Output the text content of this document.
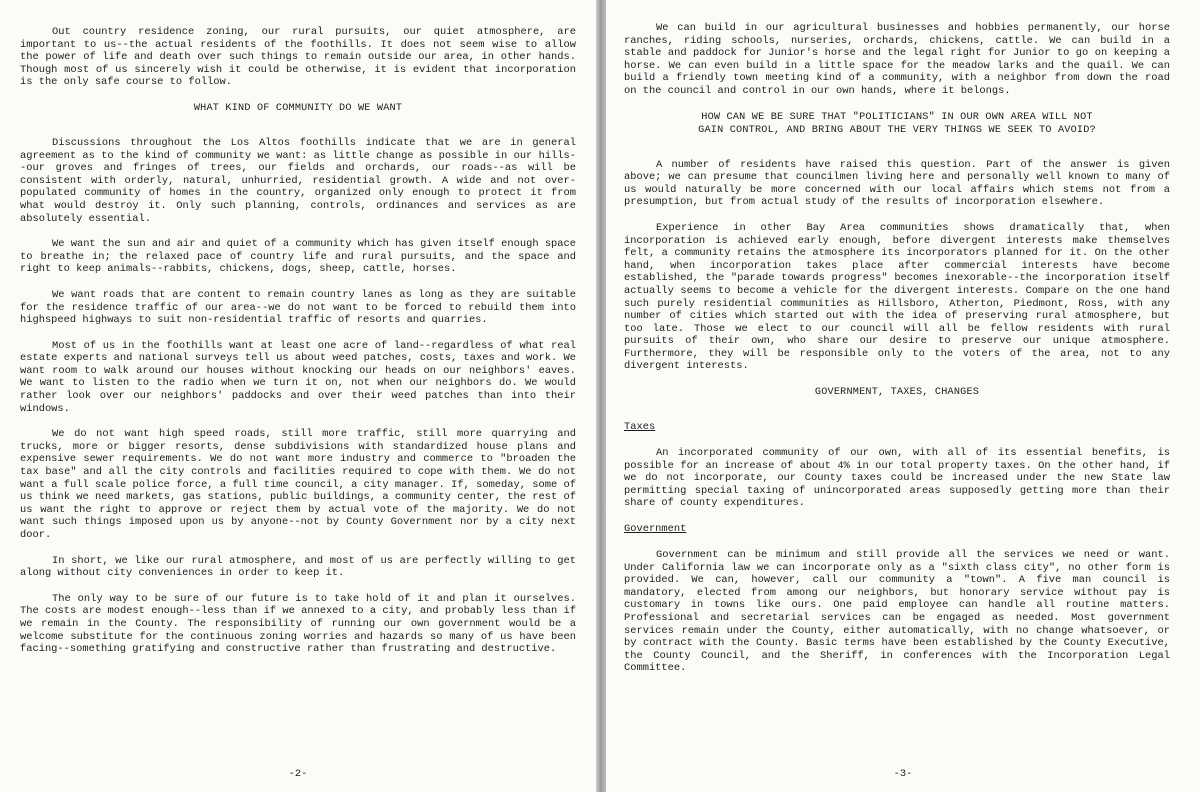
Out country residence zoning, our rural pursuits, our quiet atmosphere, are important to us--the actual residents of the foothills. It does not seem wise to allow the power of life and death over such things to remain outside our area, in other hands. Though most of us sincerely wish it could be otherwise, it is evident that incorporation is the only safe course to follow.

WHAT KIND OF COMMUNITY DO WE WANT

Discussions throughout the Los Altos foothills indicate that we are in general agreement as to the kind of community we want: as little change as possible in our hills--our groves and fringes of trees, our fields and orchards, our roads--as will be consistent with orderly, natural, unhurried, residential growth. A wide and not over-populated community of homes in the country, organized only enough to protect it from what would destroy it. Only such planning, controls, ordinances and services as are absolutely essential.

We want the sun and air and quiet of a community which has given itself enough space to breathe in; the relaxed pace of country life and rural pursuits, and the space and right to keep animals--rabbits, chickens, dogs, sheep, cattle, horses.

We want roads that are content to remain country lanes as long as they are suitable for the residence traffic of our area--we do not want to be forced to rebuild them into highspeed highways to suit non-residential traffic of resorts and quarries.

Most of us in the foothills want at least one acre of land--regardless of what real estate experts and national surveys tell us about weed patches, costs, taxes and work. We want room to walk around our houses without knocking our heads on our neighbors' eaves. We want to listen to the radio when we turn it on, not when our neighbors do. We would rather look over our neighbors' paddocks and over their weed patches than into their windows.

We do not want high speed roads, still more traffic, still more quarrying and trucks, more or bigger resorts, dense subdivisions with standardized house plans and expensive sewer requirements. We do not want more industry and commerce to "broaden the tax base" and all the city controls and facilities required to cope with them. We do not want a full scale police force, a full time council, a city manager. If, someday, some of us think we need markets, gas stations, public buildings, a community center, the rest of us want the right to approve or reject them by actual vote of the majority. We do not want such things imposed upon us by anyone--not by County Government nor by a city next door.

In short, we like our rural atmosphere, and most of us are perfectly willing to get along without city conveniences in order to keep it.

The only way to be sure of our future is to take hold of it and plan it ourselves. The costs are modest enough--less than if we annexed to a city, and probably less than if we remain in the County. The responsibility of running our own government would be a welcome substitute for the continuous zoning worries and hazards so many of us have been facing--something gratifying and constructive rather than frustrating and destructive.

-2-

We can build in our agricultural businesses and hobbies permanently, our horse ranches, riding schools, nurseries, orchards, chickens, cattle. We can build in a stable and paddock for Junior's horse and the legal right for Junior to go on keeping a horse. We can even build in a little space for the meadow larks and the quail. We can build a friendly town meeting kind of a community, with a neighbor from down the road on the council and control in our own hands, where it belongs.

HOW CAN WE BE SURE THAT "POLITICIANS" IN OUR OWN AREA WILL NOT
GAIN CONTROL, AND BRING ABOUT THE VERY THINGS WE SEEK TO AVOID?

A number of residents have raised this question. Part of the answer is given above; we can presume that councilmen living here and personally well known to many of us would naturally be more concerned with our local affairs which stems not from a presumption, but from actual study of the results of incorporation elsewhere.

Experience in other Bay Area communities shows dramatically that, when incorporation is achieved early enough, before divergent interests make themselves felt, a community retains the atmosphere its incorporators planned for it. On the other hand, when incorporation takes place after commercial interests have become established, the "parade towards progress" becomes inexorable--the incorporation itself actually seems to become a vehicle for the divergent interests. Compare on the one hand such purely residential communities as Hillsboro, Atherton, Piedmont, Ross, with any number of cities which started out with the idea of preserving rural atmosphere, but too late. Those we elect to our council will all be fellow residents with rural pursuits of their own, who share our desire to preserve our unique atmosphere. Furthermore, they will be responsible only to the voters of the area, not to any divergent interests.

GOVERNMENT, TAXES, CHANGES
Taxes

An incorporated community of our own, with all of its essential benefits, is possible for an increase of about 4% in our total property taxes. On the other hand, if we do not incorporate, our County taxes could be increased under the new State law permitting special taxing of unincorporated areas supposedly getting more than their share of county expenditures.

Government

Government can be minimum and still provide all the services we need or want. Under California law we can incorporate only as a "sixth class city", no other form is provided. We can, however, call our community a "town". A five man council is mandatory, elected from among our neighbors, but honorary service without pay is customary in towns like ours. One paid employee can handle all routine matters. Professional and secretarial services can be engaged as needed. Most government services remain under the County, either automatically, with no change whatsoever, or by contract with the County. Basic terms have been established by the County Executive, the County Council, and the Sheriff, in conferences with the Incorporation Legal Committee.

-3-
